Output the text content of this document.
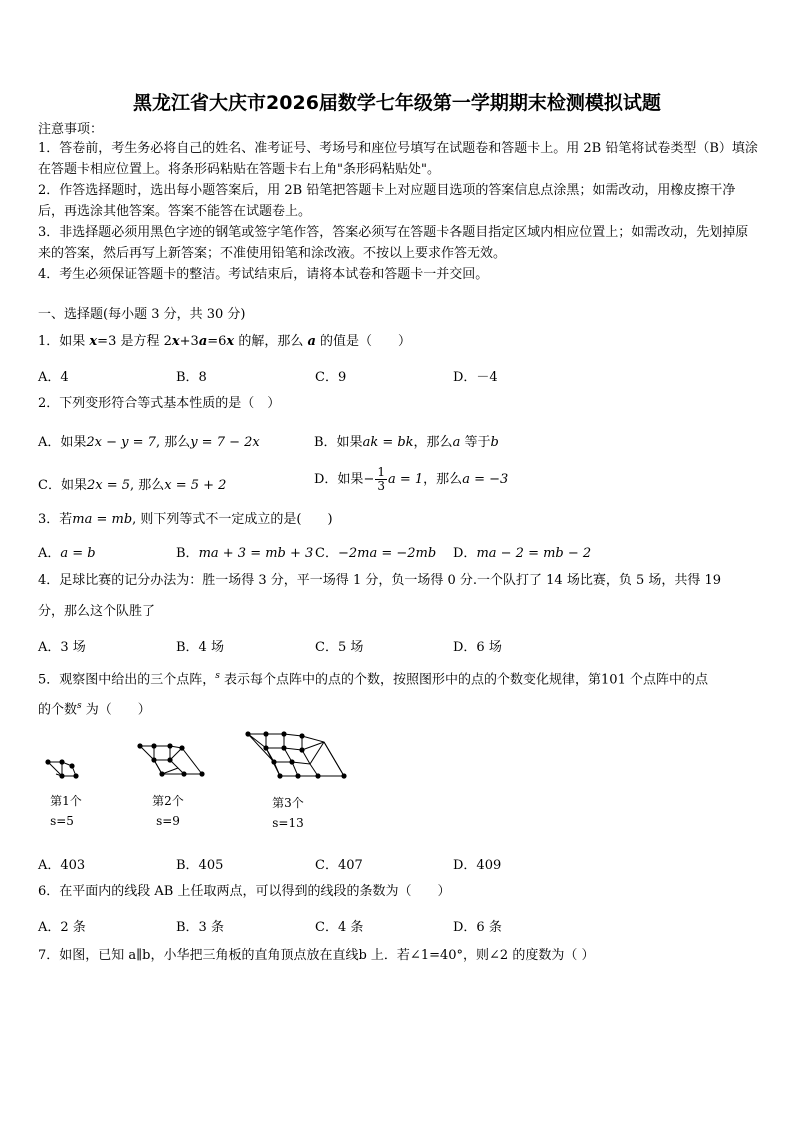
黑龙江省大庆市2026届数学七年级第一学期期末检测模拟试题
注意事项：
1．答卷前，考生务必将自己的姓名、准考证号、考场号和座位号填写在试题卷和答题卡上。用 2B 铅笔将试卷类型（B）填涂在答题卡相应位置上。将条形码粘贴在答题卡右上角"条形码粘贴处"。
2．作答选择题时，选出每小题答案后，用 2B 铅笔把答题卡上对应题目选项的答案信息点涂黑；如需改动，用橡皮擦干净后，再选涂其他答案。答案不能答在试题卷上。
3．非选择题必须用黑色字迹的钢笔或签字笔作答，答案必须写在答题卡各题目指定区域内相应位置上；如需改动，先划掉原来的答案，然后再写上新答案；不准使用铅笔和涂改液。不按以上要求作答无效。
4．考生必须保证答题卡的整洁。考试结束后，请将本试卷和答题卡一并交回。
一、选择题(每小题 3 分，共 30 分)
1．如果 x=3 是方程 2x+3a=6x 的解，那么 a 的值是（　　）
A．4	B．8	C．9	D．－4
2．下列变形符合等式基本性质的是（　）
A．如果2x − y = 7, 那么y = 7 − 2x	B．如果ak = bk，那么a 等于b
C．如果2x = 5, 那么x = 5 + 2	D．如果− $\frac{1}{3}$ a = 1，那么a = −3
3．若ma = mb, 则下列等式不一定成立的是(　　)
A．a = b	B．ma + 3 = mb + 3 C．−2ma = −2mb D．ma − 2 = mb − 2
4．足球比赛的记分办法为：胜一场得 3 分，平一场得 1 分，负一场得 0 分.一个队打了 14 场比赛，负 5 场，共得 19
分，那么这个队胜了
A．3 场	B．4 场	C．5 场	D．6 场
5．观察图中给出的三个点阵，$^s$ 表示每个点阵中的点的个数，按照图形中的点的个数变化规律，第101 个点阵中的点
的个数$^s$ 为（　　）
第1个
s=5
第2个
s=9
第3个
s=13
A．403	B．405	C．407	D．409
6．在平面内的线段 AB 上任取两点，可以得到的线段的条数为（　　）
A．2 条	B．3 条	C．4 条	D．6 条
7．如图，已知 a∥b，小华把三角板的直角顶点放在直线b 上．若∠1=40°，则∠2 的度数为（ ）
